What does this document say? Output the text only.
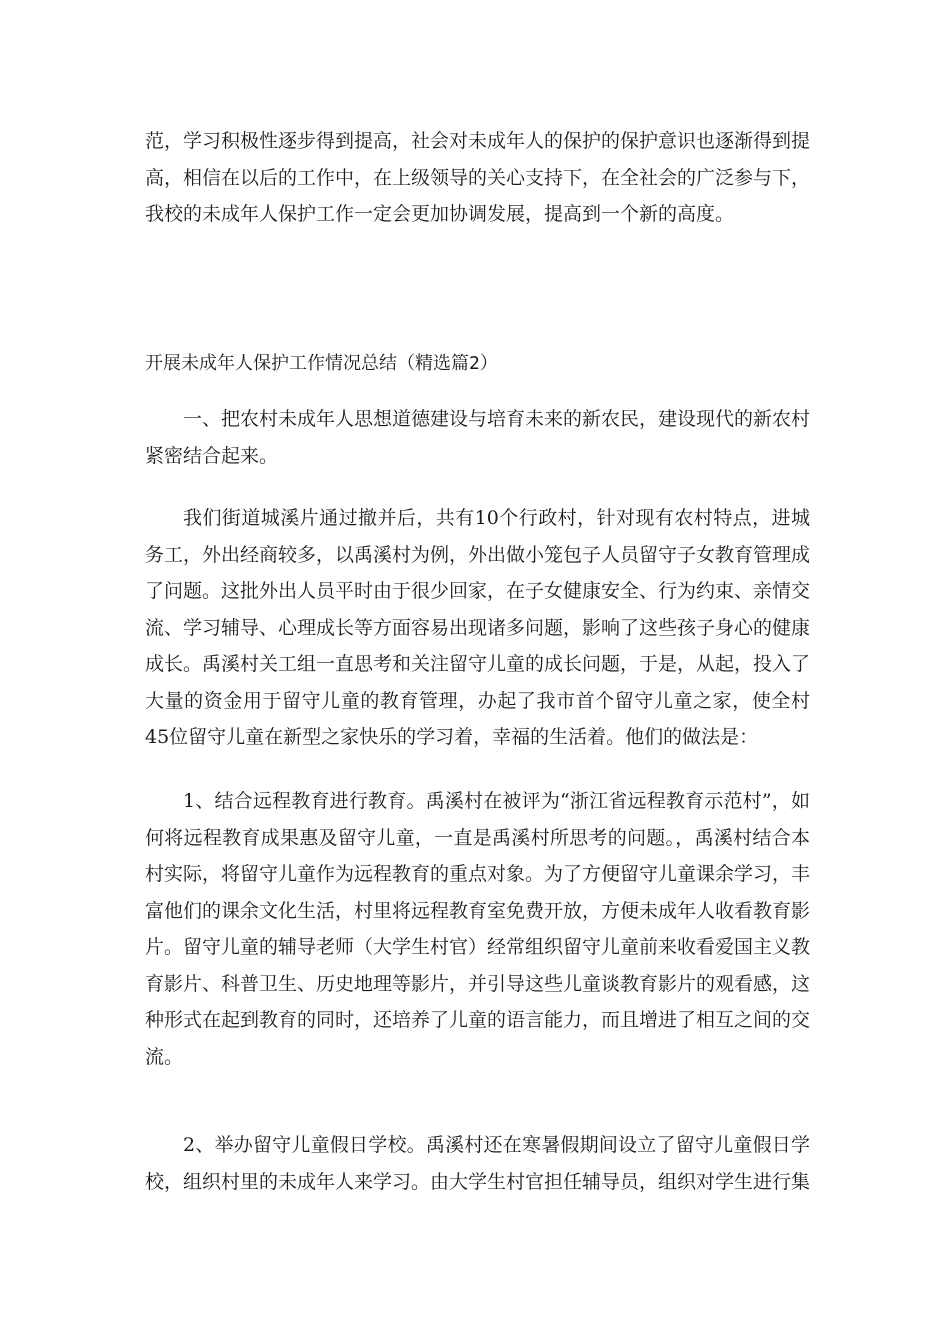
范，学习积极性逐步得到提高，社会对未成年人的保护的保护意识也逐渐得到提高，相信在以后的工作中，在上级领导的关心支持下，在全社会的广泛参与下，我校的未成年人保护工作一定会更加协调发展，提高到一个新的高度。

开展未成年人保护工作情况总结（精选篇2）

一、把农村未成年人思想道德建设与培育未来的新农民，建设现代的新农村紧密结合起来。

我们街道城溪片通过撤并后，共有10个行政村，针对现有农村特点，进城务工，外出经商较多，以禹溪村为例，外出做小笼包子人员留守子女教育管理成了问题。这批外出人员平时由于很少回家，在子女健康安全、行为约束、亲情交流、学习辅导、心理成长等方面容易出现诸多问题，影响了这些孩子身心的健康成长。禹溪村关工组一直思考和关注留守儿童的成长问题，于是，从起，投入了大量的资金用于留守儿童的教育管理，办起了我市首个留守儿童之家，使全村45位留守儿童在新型之家快乐的学习着，幸福的生活着。他们的做法是：

1、结合远程教育进行教育。禹溪村在被评为“浙江省远程教育示范村”，如何将远程教育成果惠及留守儿童，一直是禹溪村所思考的问题。，禹溪村结合本村实际，将留守儿童作为远程教育的重点对象。为了方便留守儿童课余学习，丰富他们的课余文化生活，村里将远程教育室免费开放，方便未成年人收看教育影片。留守儿童的辅导老师（大学生村官）经常组织留守儿童前来收看爱国主义教育影片、科普卫生、历史地理等影片，并引导这些儿童谈教育影片的观看感，这种形式在起到教育的同时，还培养了儿童的语言能力，而且增进了相互之间的交流。

2、举办留守儿童假日学校。禹溪村还在寒暑假期间设立了留守儿童假日学校，组织村里的未成年人来学习。由大学生村官担任辅导员，组织对学生进行集
